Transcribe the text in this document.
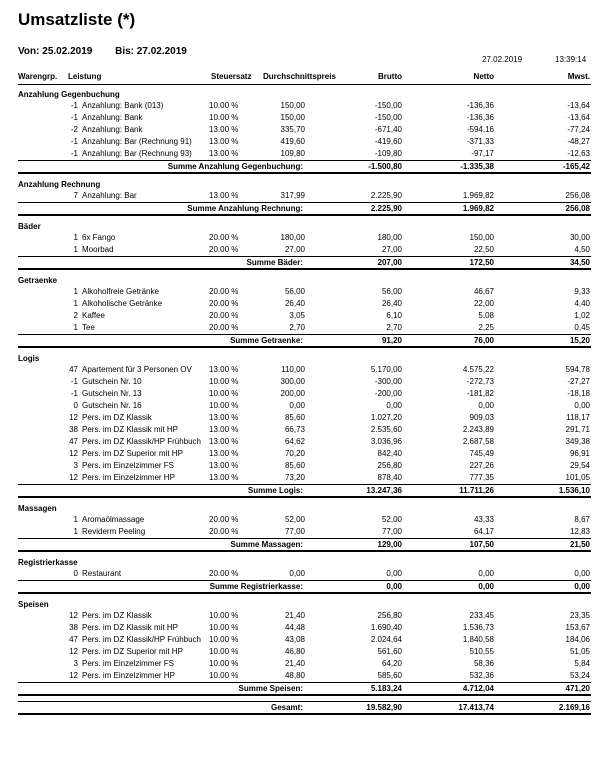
Umsatzliste (*)
Von: 25.02.2019 Bis: 27.02.2019
27.02.2019	13:39:14
Warengrp. Leistung	Steuersatz Durchschnittspreis	Brutto	Netto	Mwst.
Anzahlung Gegenbuchung
-1 Anzahlung: Bank (013)	10.00 %	150,00	-150,00	-136,36	-13,64
-1 Anzahlung: Bank	10.00 %	150,00	-150,00	-136,36	-13,64
-2 Anzahlung: Bank	13.00 %	335,70	-671,40	-594,16	-77,24
-1 Anzahlung: Bar (Rechnung 91) 13.00 %	419,60	-419,60	-371,33	-48,27
-1 Anzahlung: Bar (Rechnung 93) 13.00 %	109,80	-109,80	-97,17	-12,63
Summe Anzahlung Gegenbuchung:	-1.500,80	-1.335,38	-165,42
Anzahlung Rechnung
7 Anzahlung: Bar	13.00 %	317,99	2.225,90	1.969,82	256,08
Summe Anzahlung Rechnung:	2.225,90	1.969,82	256,08
Bäder
1 6x Fango	20.00 %	180,00	180,00	150,00	30,00
1 Moorbad	20.00 %	27,00	27,00	22,50	4,50
Summe Bäder:	207,00	172,50	34,50
Getraenke
1 Alkoholfreie Getränke	20.00 %	56,00	56,00	46,67	9,33
1 Alkoholische Getränke	20.00 %	26,40	26,40	22,00	4,40
2 Kaffee	20.00 %	3,05	6,10	5,08	1,02
1 Tee	20.00 %	2,70	2,70	2,25	0,45
Summe Getraenke:	91,20	76,00	15,20
Logis
47 Apartement für 3 Personen OV 13.00 %	110,00	5.170,00	4.575,22	594,78
-1 Gutschein Nr. 10	10.00 %	300,00	-300,00	-272,73	-27,27
-1 Gutschein Nr. 13	10.00 %	200,00	-200,00	-181,82	-18,18
0 Gutschein Nr. 16	10.00 %	0,00	0,00	0,00	0,00
12 Pers. im DZ Klassik	13.00 %	85,60	1.027,20	909,03	118,17
38 Pers. im DZ Klassik mit HP	13.00 %	66,73	2.535,60	2.243,89	291,71
47 Pers. im DZ Klassik/HP Frühbuch 13.00 %	64,62	3.036,96	2.687,58	349,38
12 Pers. im DZ Superior mit HP	13.00 %	70,20	842,40	745,49	96,91
3 Pers. im Einzelzimmer FS	13.00 %	85,60	256,80	227,26	29,54
12 Pers. im Einzelzimmer HP	13.00 %	73,20	878,40	777,35	101,05
Summe Logis:	13.247,36	11.711,26	1.536,10
Massagen
1 Aromaölmassage	20.00 %	52,00	52,00	43,33	8,67
1 Reviderm Peeling	20.00 %	77,00	77,00	64,17	12,83
Summe Massagen:	129,00	107,50	21,50
Registrierkasse
0 Restaurant	20.00 %	0,00	0,00	0,00	0,00
Summe Registrierkasse:	0,00	0,00	0,00
Speisen
12 Pers. im DZ Klassik	10.00 %	21,40	256,80	233,45	23,35
38 Pers. im DZ Klassik mit HP	10.00 %	44,48	1.690,40	1.536,73	153,67
47 Pers. im DZ Klassik/HP Frühbuch 10.00 %	43,08	2.024,64	1.840,58	184,06
12 Pers. im DZ Superior mit HP	10.00 %	46,80	561,60	510,55	51,05
3 Pers. im Einzelzimmer FS	10.00 %	21,40	64,20	58,36	5,84
12 Pers. im Einzelzimmer HP	10.00 %	48,80	585,60	532,36	53,24
Summe Speisen:	5.183,24	4.712,04	471,20
Gesamt:	19.582,90	17.413,74	2.169,16
